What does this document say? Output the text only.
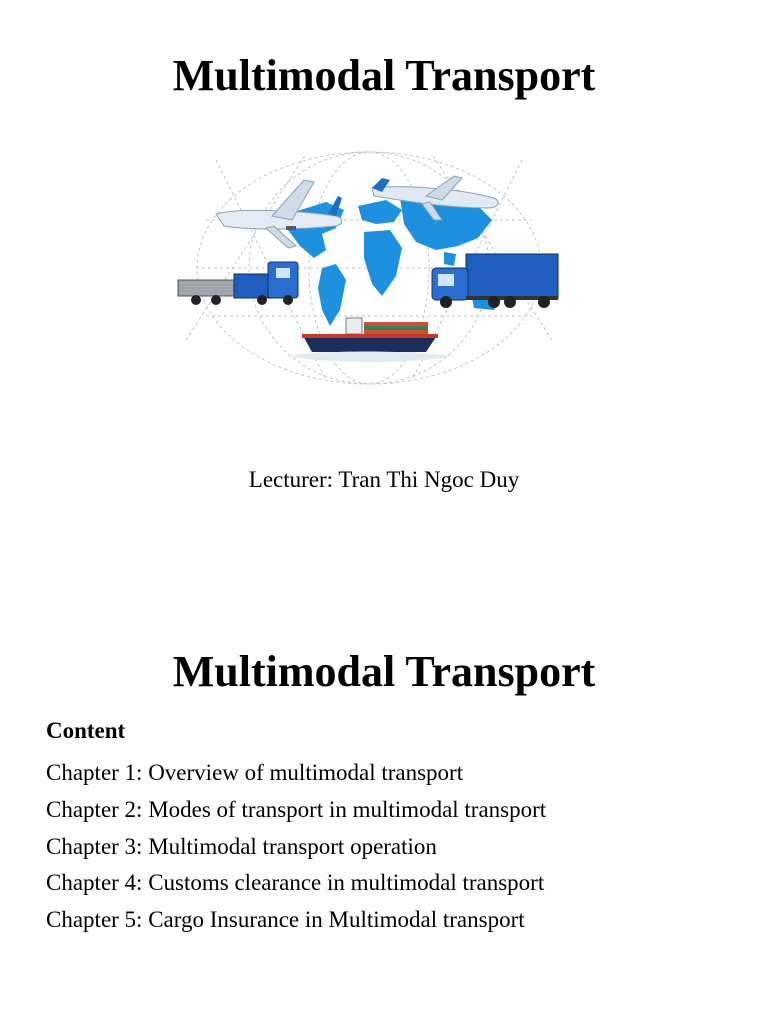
Multimodal Transport
Lecturer: Tran Thi Ngoc Duy
Multimodal Transport
Content
Chapter 1: Overview of multimodal transport
Chapter 2: Modes of transport in multimodal transport
Chapter 3: Multimodal transport operation
Chapter 4: Customs clearance in multimodal transport
Chapter 5: Cargo Insurance in Multimodal transport
